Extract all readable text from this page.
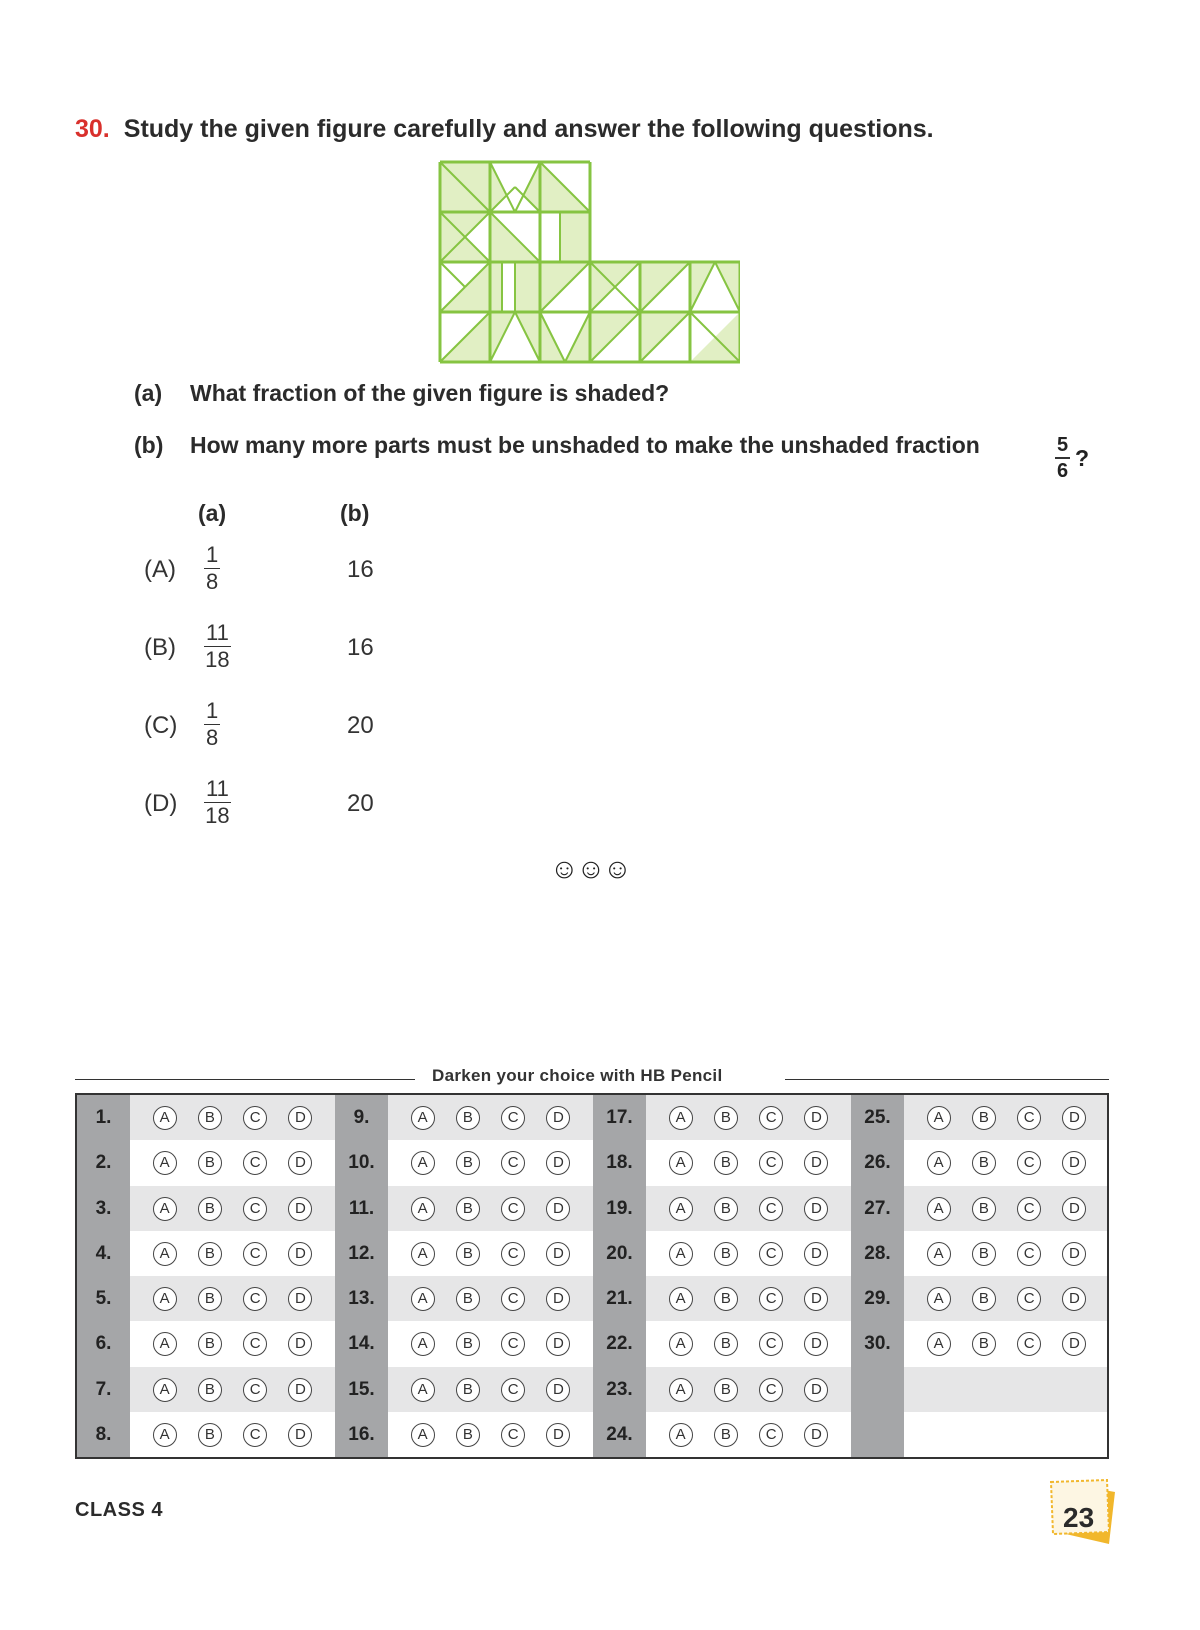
30. Study the given figure carefully and answer the following questions.
(a) What fraction of the given figure is shaded?
(b) How many more parts must be unshaded to make the unshaded fraction	$\frac{5}{6}$ ?
(a)	(b)
$(A) \frac{1}{8}$	16
$(B) \frac{11}{18}$	16
$(C) \frac{1}{8}$	20
$(D) \frac{11}{18}$	20
☺☺☺
Darken your choice with HB Pencil
1.	A	B	C	D
2.	A	B	C	D
3.	A	B	C	D
4.	A	B	C	D
5.	A	B	C	D
6.	A	B	C	D
7.	A	B	C	D
8.	A	B	C	D
9.	A	B	C	D
10.	A	B	C	D
11.	A	B	C	D
12.	A	B	C	D
13.	A	B	C	D
14.	A	B	C	D
15.	A	B	C	D
16.	A	B	C	D
17.	A	B	C	D
18.	A	B	C	D
19.	A	B	C	D
20.	A	B	C	D
21.	A	B	C	D
22.	A	B	C	D
23.	A	B	C	D
24.	A	B	C	D
25.	A	B	C	D
26.	A	B	C	D
27.	A	B	C	D
28.	A	B	C	D
29.	A	B	C	D
30.	A	B	C	D
CLASS 4	23
